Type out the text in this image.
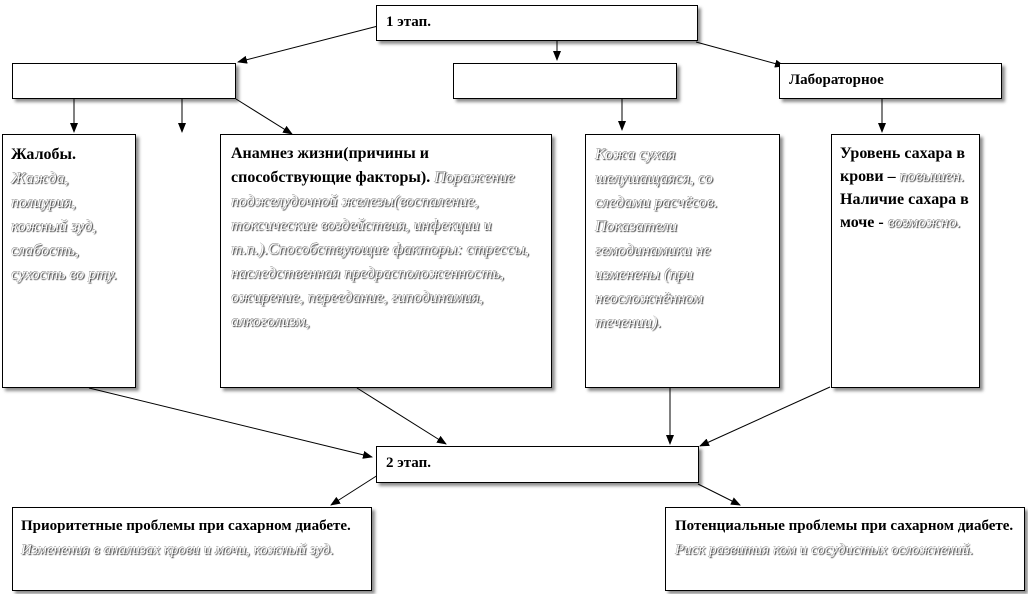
1 этап.
Лабораторное
Жалобы.
Жажда, полиурия, кожный зуд, слабость, сухость во рту.
Анамнез жизни(причины и способствующие факторы). Поражение поджелудочной железы(воспаление, токсические воздействия, инфекции и т.п.).Способствующие факторы: стрессы, наследственная предрасположенность, ожирение, переедание, гиподинамия, алкоголизм,
Кожа сухая шелушащаяся, со следами расчёсов. Показатели гемодинамики не изменены (при неосложнённом течении).
Уровень сахара в крови – повышен.
Наличие сахара в моче - возможно.
2 этап.
Приоритетные проблемы при сахарном диабете. Изменения в анализах крови и мочи, кожный зуд.
Потенциальные проблемы при сахарном диабете. Риск развития ком и сосудистых осложнений.
